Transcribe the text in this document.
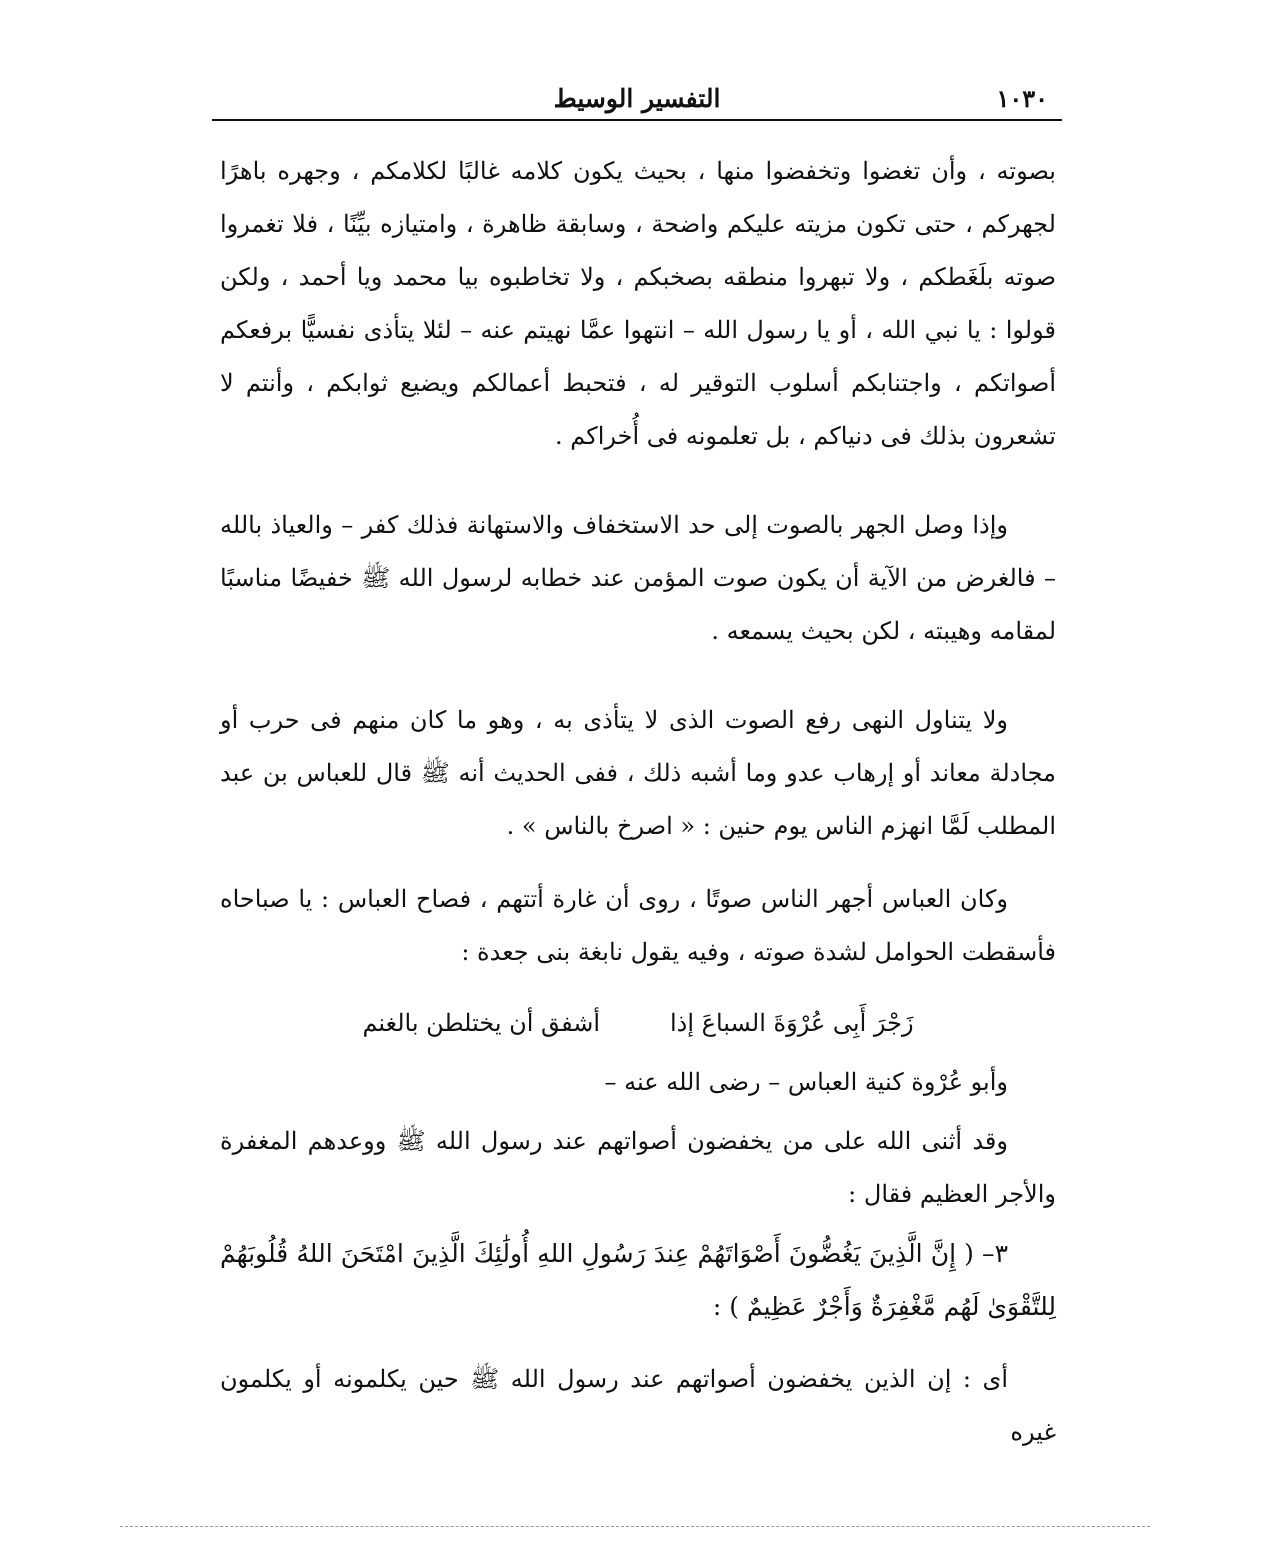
١٠٣٠
التفسير الوسيط

بصوته ، وأن تغضوا وتخفضوا منها ، بحيث يكون كلامه غالبًا لكلامكم ، وجهره باهرًا لجهركم ، حتى تكون مزيته عليكم واضحة ، وسابقة ظاهرة ، وامتيازه بيِّنًا ، فلا تغمروا صوته بلَغَطكم ، ولا تبهروا منطقه بصخبكم ، ولا تخاطبوه بيا محمد ويا أحمد ، ولكن قولوا : يا نبي الله ، أو يا رسول الله – انتهوا عمَّا نهيتم عنه – لئلا يتأذى نفسيًّا برفعكم أصواتكم ، واجتنابكم أسلوب التوقير له ، فتحبط أعمالكم ويضيع ثوابكم ، وأنتم لا تشعرون بذلك فى دنياكم ، بل تعلمونه فى أُخراكم .

وإذا وصل الجهر بالصوت إلى حد الاستخفاف والاستهانة فذلك كفر – والعياذ بالله – فالغرض من الآية أن يكون صوت المؤمن عند خطابه لرسول الله ﷺ خفيضًا مناسبًا لمقامه وهيبته ، لكن بحيث يسمعه .

ولا يتناول النهى رفع الصوت الذى لا يتأذى به ، وهو ما كان منهم فى حرب أو مجادلة معاند أو إرهاب عدو وما أشبه ذلك ، ففى الحديث أنه ﷺ قال للعباس بن عبد المطلب لَمَّا انهزم الناس يوم حنين : « اصرخ بالناس » .

وكان العباس أجهر الناس صوتًا ، روى أن غارة أتتهم ، فصاح العباس : يا صباحاه فأسقطت الحوامل لشدة صوته ، وفيه يقول نابغة بنى جعدة :

زَجْرَ أَبِى عُرْوَةَ السباعَ إذا
أشفق أن يختلطن بالغنم

وأبو عُرْوة كنية العباس – رضى الله عنه –

وقد أثنى الله على من يخفضون أصواتهم عند رسول الله ﷺ ووعدهم المغفرة والأجر العظيم فقال :

٣– ( إِنَّ الَّذِينَ يَغُضُّونَ أَصْوَاتَهُمْ عِندَ رَسُولِ اللهِ أُولَٰئِكَ الَّذِينَ امْتَحَنَ اللهُ قُلُوبَهُمْ لِلتَّقْوَىٰ لَهُم مَّغْفِرَةٌ وَأَجْرٌ عَظِيمٌ ) :

أى : إن الذين يخفضون أصواتهم عند رسول الله ﷺ حين يكلمونه أو يكلمون غيره
